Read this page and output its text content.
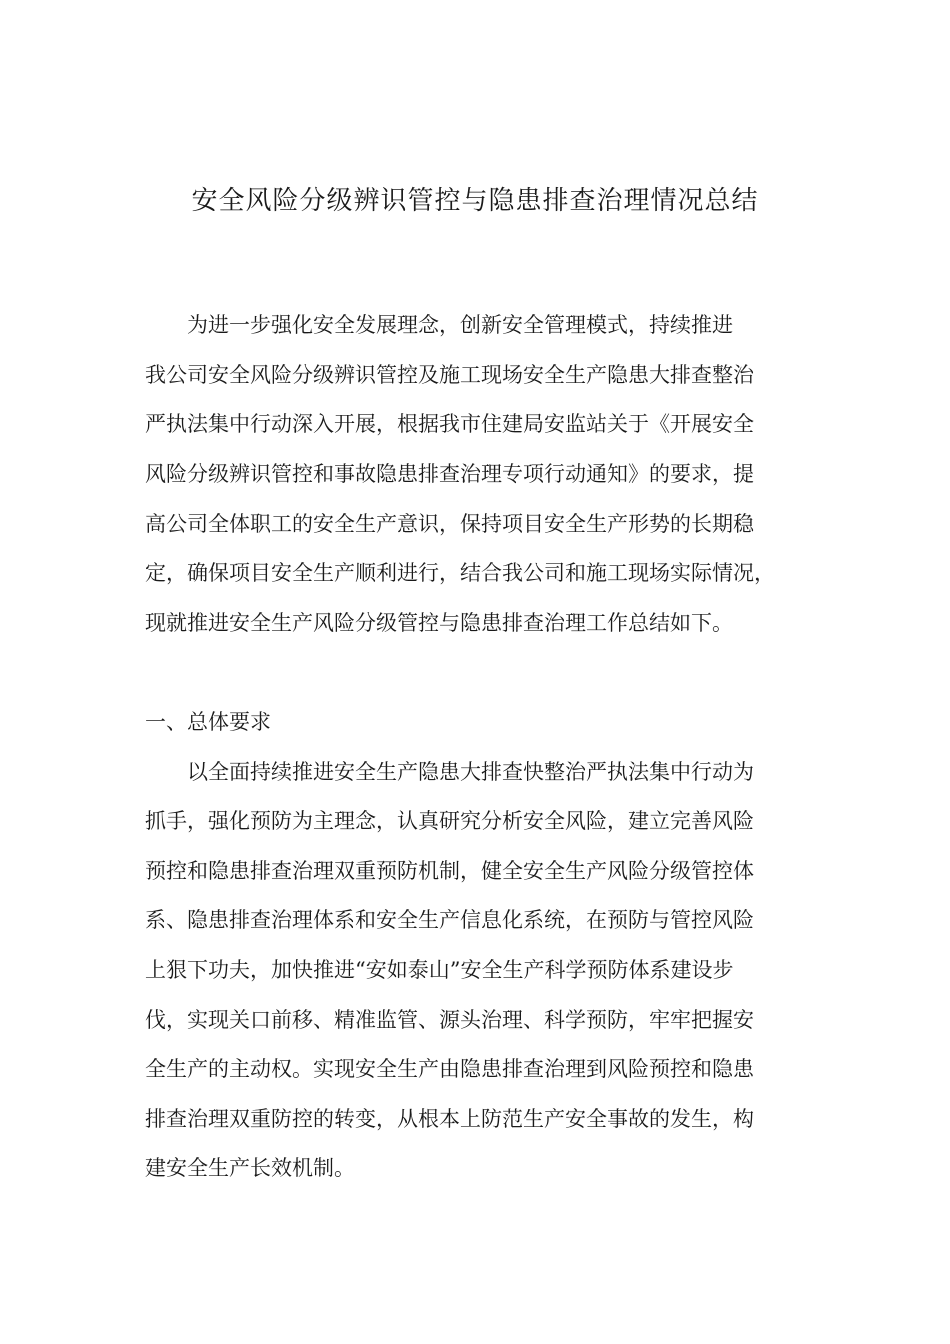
安全风险分级辨识管控与隐患排查治理情况总结

为进一步强化安全发展理念，创新安全管理模式，持续推进

我公司安全风险分级辨识管控及施工现场安全生产隐患大排查整治

严执法集中行动深入开展，根据我市住建局安监站关于《开展安全

风险分级辨识管控和事故隐患排查治理专项行动通知》的要求，提

高公司全体职工的安全生产意识，保持项目安全生产形势的长期稳

定，确保项目安全生产顺利进行，结合我公司和施工现场实际情况，

现就推进安全生产风险分级管控与隐患排查治理工作总结如下。

一、总体要求

以全面持续推进安全生产隐患大排查快整治严执法集中行动为

抓手，强化预防为主理念，认真研究分析安全风险，建立完善风险

预控和隐患排查治理双重预防机制，健全安全生产风险分级管控体

系、隐患排查治理体系和安全生产信息化系统，在预防与管控风险

上狠下功夫，加快推进“安如泰山”安全生产科学预防体系建设步

伐，实现关口前移、精准监管、源头治理、科学预防，牢牢把握安

全生产的主动权。实现安全生产由隐患排查治理到风险预控和隐患

排查治理双重防控的转变，从根本上防范生产安全事故的发生，构

建安全生产长效机制。
